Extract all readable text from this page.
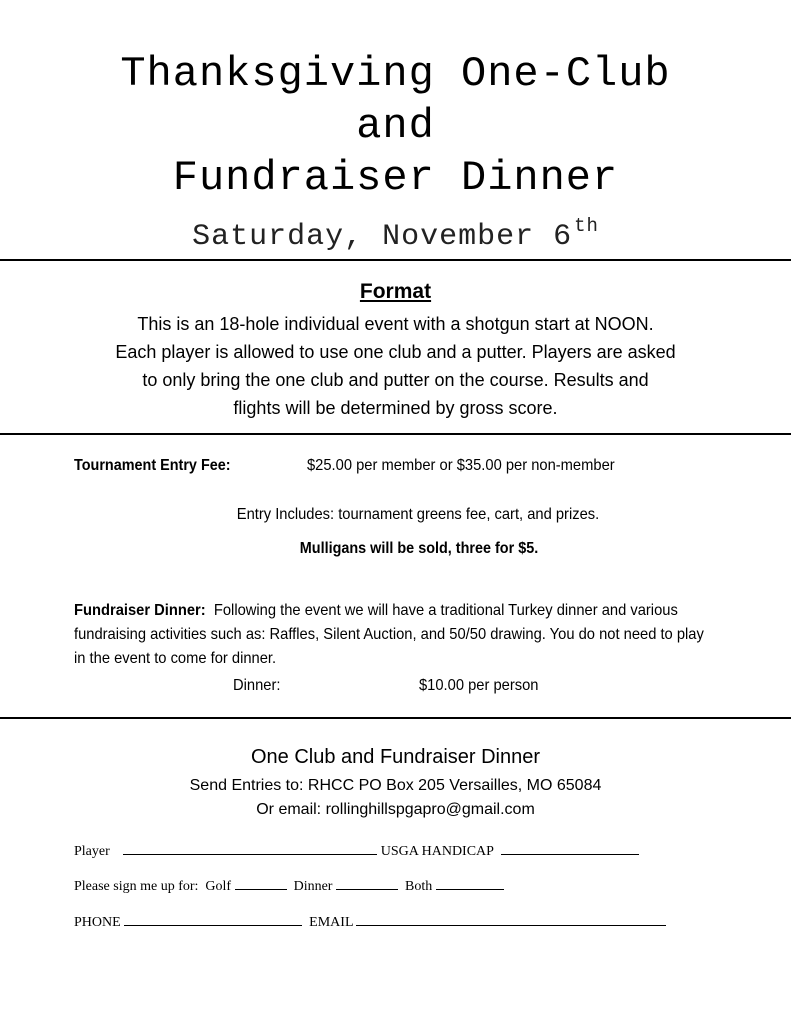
Thanksgiving One-Club
and
Fundraiser Dinner
Saturday, November 6 $^{th}$
Format
This is an 18-hole individual event with a shotgun start at NOON.
Each player is allowed to use one club and a putter. Players are asked
to only bring the one club and putter on the course. Results and
flights will be determined by gross score.
Tournament Entry Fee:	$25.00 per member or $35.00 per non-member
Entry Includes: tournament greens fee, cart, and prizes.
Mulligans will be sold, three for $5.
Fundraiser Dinner: Following the event we will have a traditional Turkey dinner and various fundraising activities such as: Raffles, Silent Auction, and 50/50 drawing. You do not need to play in the event to come for dinner.
Dinner:	$10.00 per person
One Club and Fundraiser Dinner
Send Entries to: RHCC PO Box 205 Versailles, MO 65084
Or email: rollinghillspgapro@gmail.com
Player	USGA HANDICAP
Please sign me up for: Golf	Dinner	Both
PHONE	EMAIL
